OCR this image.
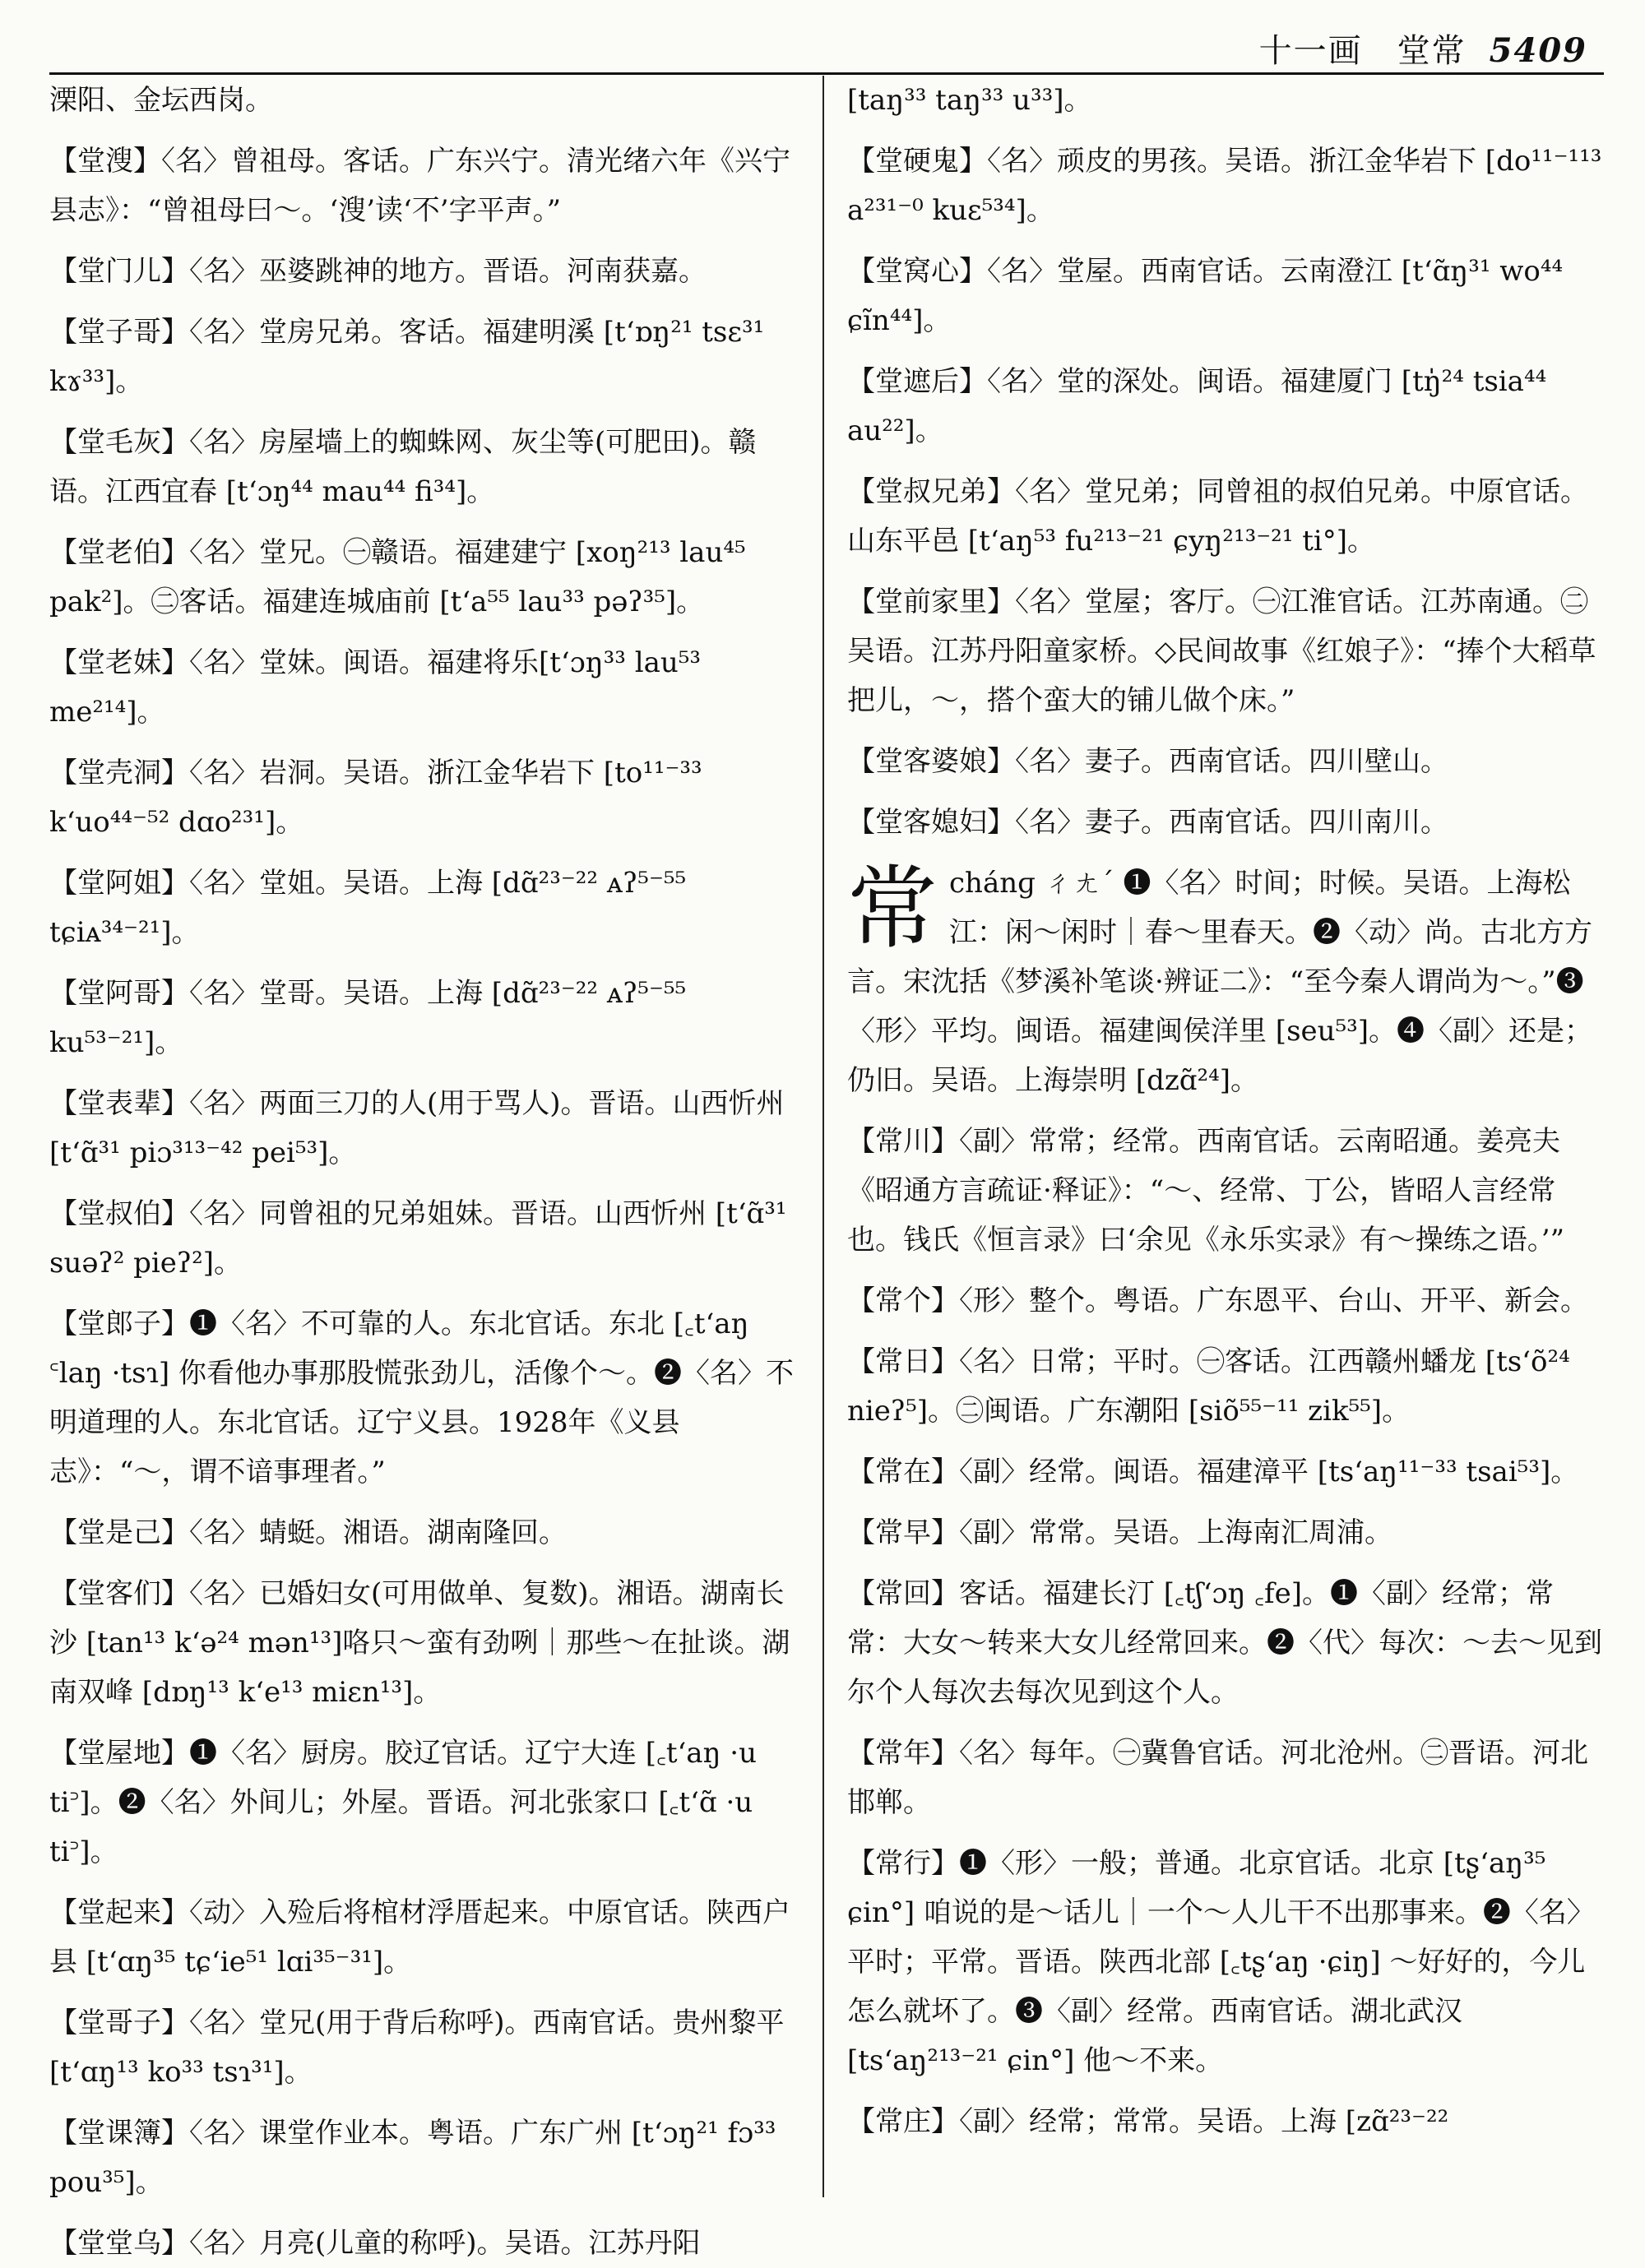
十一画　堂常 5409
溧阳、金坛西岗。
【堂溲】〈名〉曾祖母。客话。广东兴宁。清光绪六年《兴宁县志》：“曾祖母曰～。‘溲’读‘不’字平声。”
【堂门儿】〈名〉巫婆跳神的地方。晋语。河南获嘉。
【堂子哥】〈名〉堂房兄弟。客话。福建明溪 [tʻɒŋ²¹ tsɛ³¹ kɤ³³]。
【堂毛灰】〈名〉房屋墙上的蜘蛛网、灰尘等(可肥田)。赣语。江西宜春 [tʻɔŋ⁴⁴ mau⁴⁴ fi³⁴]。
【堂老伯】〈名〉堂兄。㊀赣语。福建建宁 [xoŋ²¹³ lau⁴⁵ pak²]。㊁客话。福建连城庙前 [tʻa⁵⁵ lau³³ pəʔ³⁵]。
【堂老妹】〈名〉堂妹。闽语。福建将乐[tʻɔŋ³³ lau⁵³ me²¹⁴]。
【堂壳洞】〈名〉岩洞。吴语。浙江金华岩下 [to¹¹⁻³³ kʻuo⁴⁴⁻⁵² dɑo²³¹]。
【堂阿姐】〈名〉堂姐。吴语。上海 [dɑ̃²³⁻²² ᴀʔ⁵⁻⁵⁵ tɕiᴀ³⁴⁻²¹]。
【堂阿哥】〈名〉堂哥。吴语。上海 [dɑ̃²³⁻²² ᴀʔ⁵⁻⁵⁵ ku⁵³⁻²¹]。
【堂表辈】〈名〉两面三刀的人(用于骂人)。晋语。山西忻州 [tʻɑ̃³¹ piɔ³¹³⁻⁴² pei⁵³]。
【堂叔伯】〈名〉同曾祖的兄弟姐妹。晋语。山西忻州 [tʻɑ̃³¹ suəʔ² pieʔ²]。
【堂郎子】❶〈名〉不可靠的人。东北官话。东北 [꜀tʻaŋ ꜂laŋ ·tsɿ] 你看他办事那股慌张劲儿，活像个～。❷〈名〉不明道理的人。东北官话。辽宁义县。1928年《义县志》：“～，谓不谙事理者。”
【堂是己】〈名〉蜻蜓。湘语。湖南隆回。
【堂客们】〈名〉已婚妇女(可用做单、复数)。湘语。湖南长沙 [tan¹³ kʻə²⁴ mən¹³]咯只～蛮有劲咧｜那些～在扯谈。湖南双峰 [dɒŋ¹³ kʻe¹³ miɛn¹³]。
【堂屋地】❶〈名〉厨房。胶辽官话。辽宁大连 [꜀tʻaŋ ·u ti꜄]。❷〈名〉外间儿；外屋。晋语。河北张家口 [꜀tʻɑ̃ ·u ti꜄]。
【堂起来】〈动〉入殓后将棺材浮厝起来。中原官话。陕西户县 [tʻɑŋ³⁵ tɕʻie⁵¹ lɑi³⁵⁻³¹]。
【堂哥子】〈名〉堂兄(用于背后称呼)。西南官话。贵州黎平 [tʻɑŋ¹³ ko³³ tsɿ³¹]。
【堂课簿】〈名〉课堂作业本。粤语。广东广州 [tʻɔŋ²¹ fɔ³³ pou³⁵]。
【堂堂乌】〈名〉月亮(儿童的称呼)。吴语。江苏丹阳
[taŋ³³ taŋ³³ u³³]。
【堂硬鬼】〈名〉顽皮的男孩。吴语。浙江金华岩下 [do¹¹⁻¹¹³ a²³¹⁻⁰ kuɛ⁵³⁴]。
【堂窝心】〈名〉堂屋。西南官话。云南澄江 [tʻɑ̃ŋ³¹ wo⁴⁴ ɕĩn⁴⁴]。
【堂遮后】〈名〉堂的深处。闽语。福建厦门 [tŋ̍²⁴ tsia⁴⁴ au²²]。
【堂叔兄弟】〈名〉堂兄弟；同曾祖的叔伯兄弟。中原官话。山东平邑 [tʻaŋ⁵³ fu²¹³⁻²¹ ɕyŋ²¹³⁻²¹ ti°]。
【堂前家里】〈名〉堂屋；客厅。㊀江淮官话。江苏南通。㊁吴语。江苏丹阳童家桥。◇民间故事《红娘子》：“捧个大稻草把儿，～，搭个蛮大的铺儿做个床。”
【堂客婆娘】〈名〉妻子。西南官话。四川壁山。
【堂客媳妇】〈名〉妻子。西南官话。四川南川。
常 chánɡ ㄔㄤˊ ❶〈名〉时间；时候。吴语。上海松江：闲～闲时｜春～里春天。❷〈动〉尚。古北方方言。宋沈括《梦溪补笔谈·辨证二》：“至今秦人谓尚为～。”❸〈形〉平均。闽语。福建闽侯洋里 [seu⁵³]。❹〈副〉还是；仍旧。吴语。上海崇明 [dzɑ̃²⁴]。
【常川】〈副〉常常；经常。西南官话。云南昭通。姜亮夫《昭通方言疏证·释证》：“～、经常、丁公，皆昭人言经常也。钱氏《恒言录》曰‘余见《永乐实录》有～操练之语。’”
【常个】〈形〉整个。粤语。广东恩平、台山、开平、新会。
【常日】〈名〉日常；平时。㊀客话。江西赣州蟠龙 [tsʻõ²⁴ nieʔ⁵]。㊁闽语。广东潮阳 [siõ⁵⁵⁻¹¹ zik⁵⁵]。
【常在】〈副〉经常。闽语。福建漳平 [tsʻaŋ¹¹⁻³³ tsai⁵³]。
【常早】〈副〉常常。吴语。上海南汇周浦。
【常回】客话。福建长汀 [꜀tʃʻɔŋ ꜀fe]。❶〈副〉经常；常常：大女～转来大女儿经常回来。❷〈代〉每次：～去～见到尔个人每次去每次见到这个人。
【常年】〈名〉每年。㊀冀鲁官话。河北沧州。㊁晋语。河北邯郸。
【常行】❶〈形〉一般；普通。北京官话。北京 [tʂʻaŋ³⁵ ɕin°] 咱说的是～话儿｜一个～人儿干不出那事来。❷〈名〉平时；平常。晋语。陕西北部 [꜀tʂʻaŋ ·ɕiŋ] ～好好的，今儿怎么就坏了。❸〈副〉经常。西南官话。湖北武汉 [tsʻaŋ²¹³⁻²¹ ɕin°] 他～不来。
【常庄】〈副〉经常；常常。吴语。上海 [zɑ̃²³⁻²²
